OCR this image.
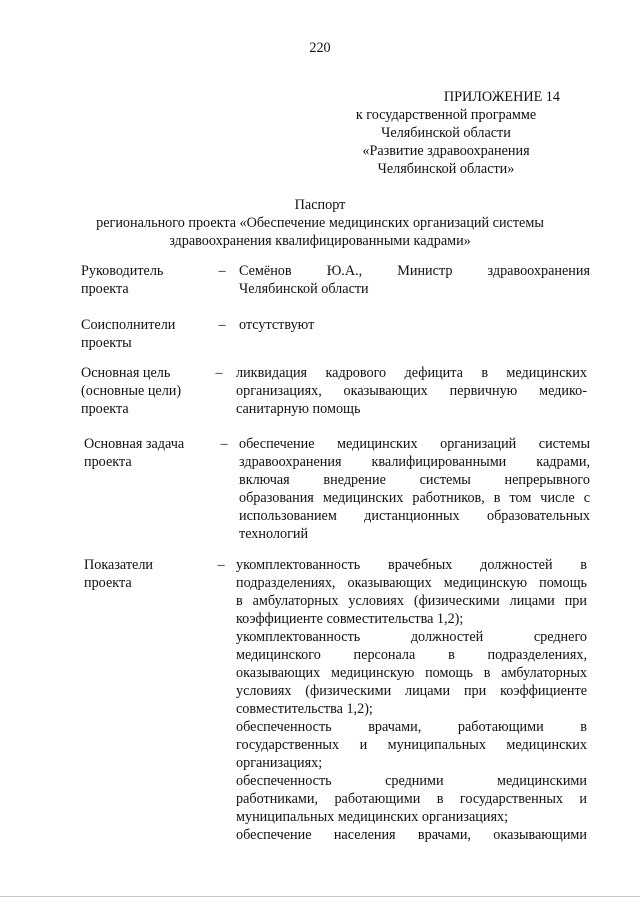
220
ПРИЛОЖЕНИЕ 14
к государственной программе
Челябинской области
«Развитие здравоохранения
Челябинской области»
Паспорт
регионального проекта «Обеспечение медицинских организаций системы
здравоохранения квалифицированными кадрами»
Руководитель
проекта
– Семёнов Ю.А., Министр здравоохранения
Челябинской области
Соисполнители
проекты
– отсутствуют
Основная цель
(основные цели)
проекта
– ликвидация кадрового дефицита в медицинских
организациях, оказывающих первичную медико-
санитарную помощь
Основная задача
проекта
– обеспечение медицинских организаций системы
здравоохранения квалифицированными кадрами,
включая внедрение системы непрерывного
образования медицинских работников, в том числе с
использованием дистанционных образовательных
технологий
Показатели
проекта
– укомплектованность врачебных должностей в
подразделениях, оказывающих медицинскую помощь
в амбулаторных условиях (физическими лицами при
коэффициенте совместительства 1,2);
укомплектованность должностей среднего
медицинского персонала в подразделениях,
оказывающих медицинскую помощь в амбулаторных
условиях (физическими лицами при коэффициенте
совместительства 1,2);
обеспеченность врачами, работающими в
государственных и муниципальных медицинских
организациях;
обеспеченность средними медицинскими
работниками, работающими в государственных и
муниципальных медицинских организациях;
обеспечение населения врачами, оказывающими
